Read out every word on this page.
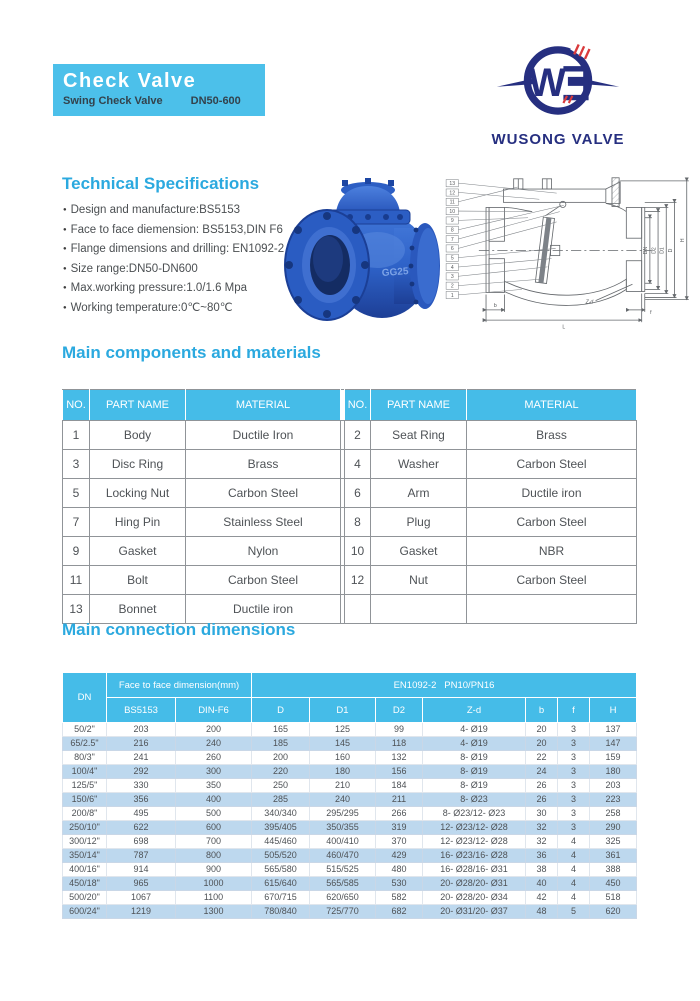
Check Valve
Swing Check Valve	DN50-600	W
WUSONG VALVE
Technical Specifications
● Design and manufacture:BS5153
● Face to face diemension: BS5153,DIN F6
● Flange dimensions and drilling: EN1092-2
● Size range:DN50-DN600
● Max.working pressure:1.0/1.6 Mpa
● Working temperature:0℃~80℃
GG25
DN D2 D1 D
H
b
L
f
Z-d
13
12
11
10
9
8
7
6
5
4
3
2
1
Main components and materials
NO.	PART NAME	MATERIAL		NO.	PART NAME	MATERIAL
1	Body	Ductile Iron		2	Seat Ring	Brass
3	Disc Ring	Brass		4	Washer	Carbon Steel
5	Locking Nut	Carbon Steel		6	Arm	Ductile iron
7	Hing Pin	Stainless Steel		8	Plug	Carbon Steel
9	Gasket	Nylon		10	Gasket	NBR
11	Bolt	Carbon Steel		12	Nut	Carbon Steel
13	Bonnet	Ductile iron				
Main connection dimensions
DN	Face to face dimension(mm)		EN1092-2   PN10/PN16						
	BS5153	DIN-F6	D	D1	D2	Z-d	b	f	H
50/2"	203	200	165	125	99	4- Ø19	20	3	137
65/2.5"	216	240	185	145	118	4- Ø19	20	3	147
80/3"	241	260	200	160	132	8- Ø19	22	3	159
100/4"	292	300	220	180	156	8- Ø19	24	3	180
125/5"	330	350	250	210	184	8- Ø19	26	3	203
150/6"	356	400	285	240	211	8- Ø23	26	3	223
200/8"	495	500	340/340	295/295	266	8- Ø23/12- Ø23	30	3	258
250/10"	622	600	395/405	350/355	319	12- Ø23/12- Ø28	32	3	290
300/12"	698	700	445/460	400/410	370	12- Ø23/12- Ø28	32	4	325
350/14"	787	800	505/520	460/470	429	16- Ø23/16- Ø28	36	4	361
400/16"	914	900	565/580	515/525	480	16- Ø28/16- Ø31	38	4	388
450/18"	965	1000	615/640	565/585	530	20- Ø28/20- Ø31	40	4	450
500/20"	1067	1100	670/715	620/650	582	20- Ø28/20- Ø34	42	4	518
600/24"	1219	1300	780/840	725/770	682	20- Ø31/20- Ø37	48	5	620
